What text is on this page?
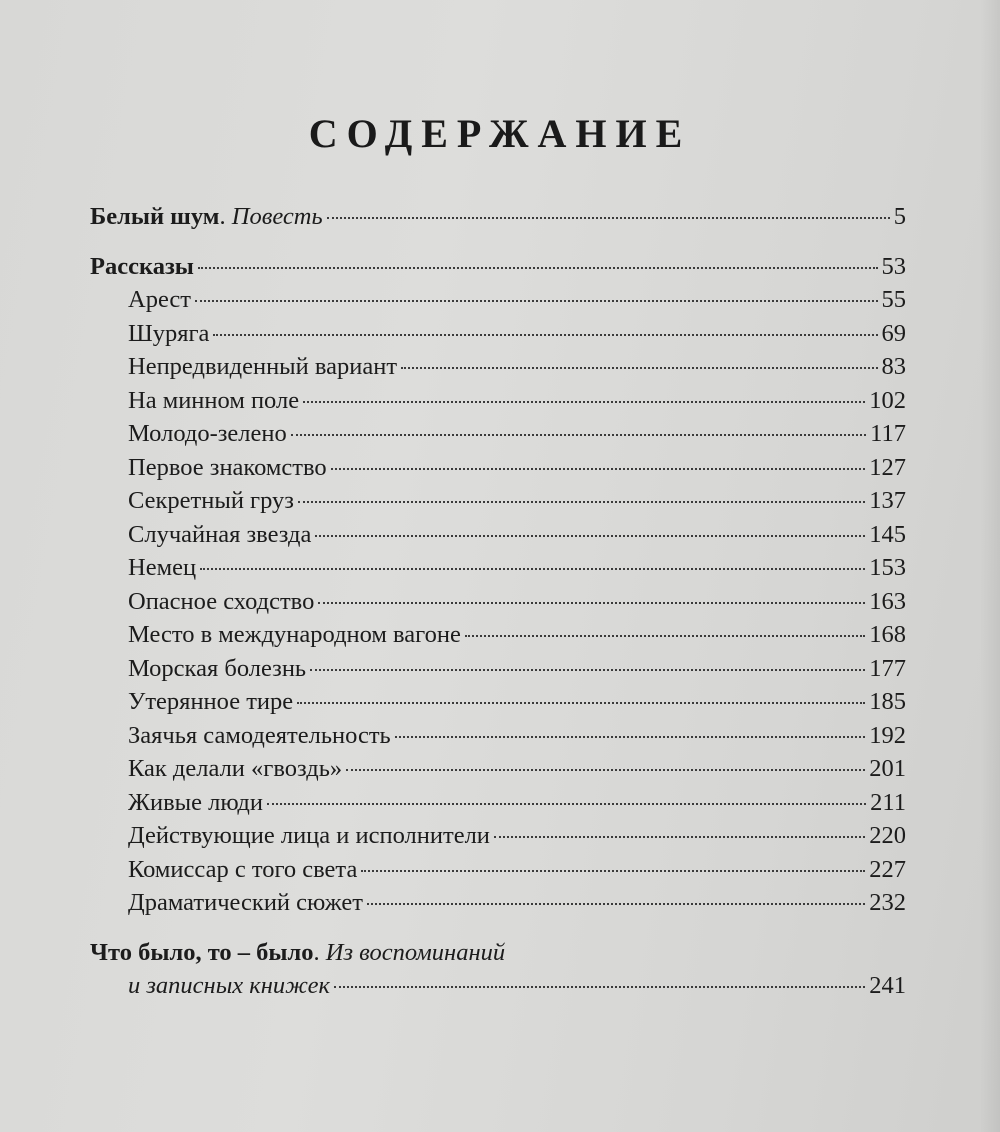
СОДЕРЖАНИЕ
Белый шум. Повесть	5
Рассказы	53
Арест	55
Шуряга	69
Непредвиденный вариант	83
На минном поле	102
Молодо-зелено	117
Первое знакомство	127
Секретный груз	137
Случайная звезда	145
Немец	153
Опасное сходство	163
Место в международном вагоне	168
Морская болезнь	177
Утерянное тире	185
Заячья самодеятельность	192
Как делали «гвоздь»	201
Живые люди	211
Действующие лица и исполнители	220
Комиссар с того света	227
Драматический сюжет	232
Что было, то – было. Из воспоминаний
и записных книжек	241
